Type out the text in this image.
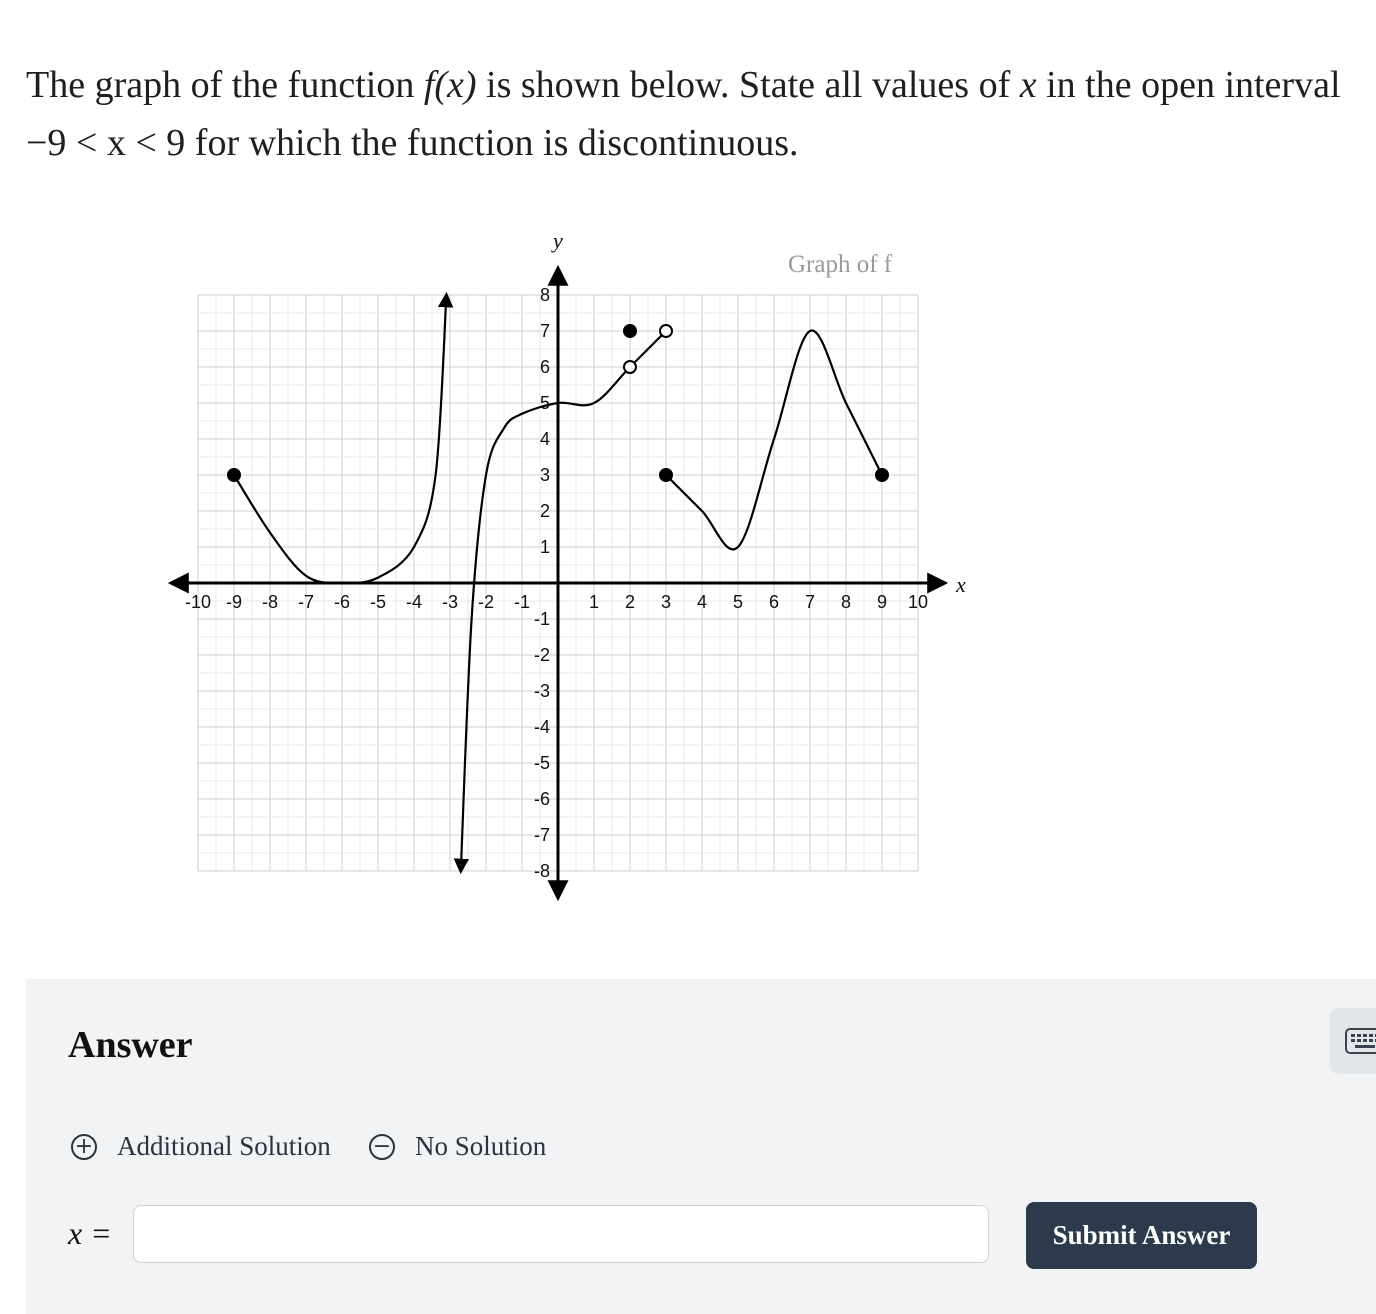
The graph of the function f(x) is shown below. State all values of x in the open interval −9 < x < 9 for which the function is discontinuous.
-10 -9 -8 -7 -6 -5 -4 -3 -2 -1	1 2 3 4 5 6 7 8 9 10
-8
-7
-6
-5
-4
-3
-2
-1
1
2
3
4
5
6
7
8
Graph of f
y
x
Answer
+ Additional Solution − No Solution
x =	Submit Answer
